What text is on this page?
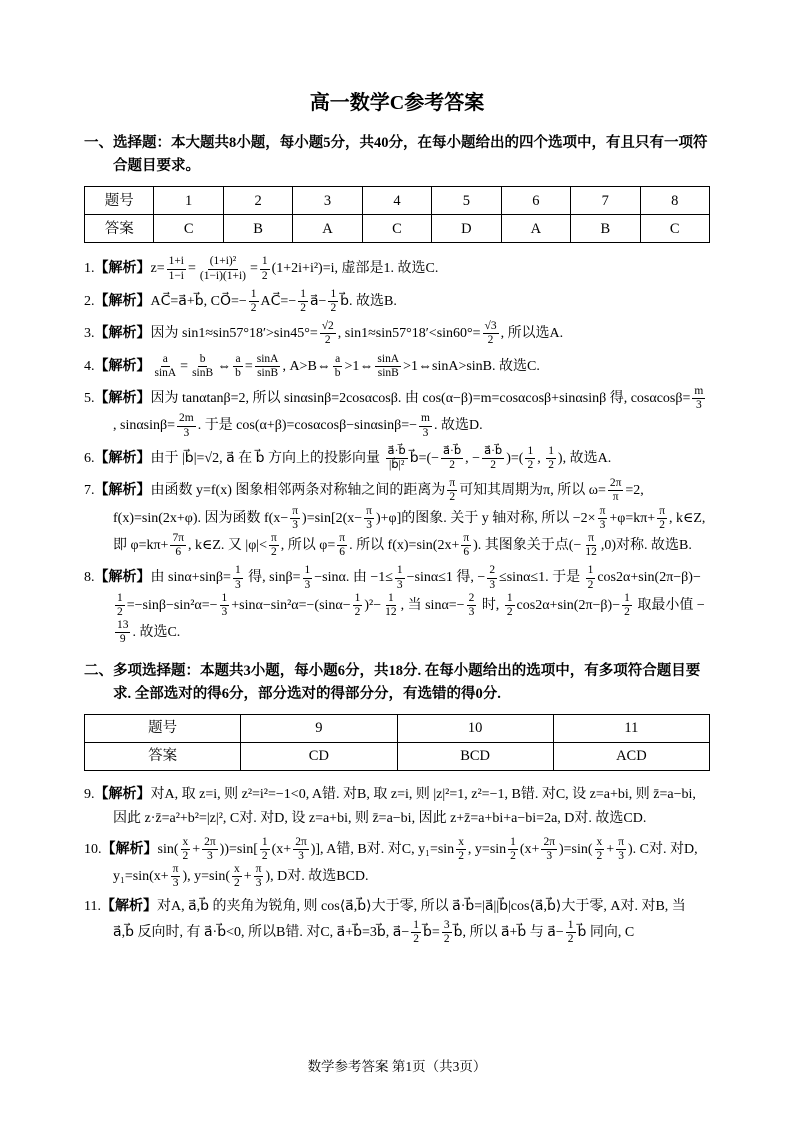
高一数学C参考答案
一、选择题：本大题共8小题，每小题5分，共40分，在每小题给出的四个选项中，有且只有一项符合题目要求。
题号	1	2	3	4	5	6	7	8
答案	C	B	A	C	D	A	B	C
1.【解析】$z= \frac{1+i}{1-i} = \frac{\text{(1+i)²}}{(1-i)(1+i)} = \frac{1}{2} (1+2i+i^2)=i$, 虚部是1. 故选C.
2.【解析】AC⃗=a⃗+b⃗, CO⃗=− $\frac{1}{2}$ AC⃗=− $\frac{1}{2}$ a⃗− $\frac{1}{2}$ b⃗. 故选B.
3.【解析】因为 $\sin 1\approx\sin 57^\circ 18'>\sin 45^\circ= \frac{√2}{2}$ , $\sin 1\approx\sin 57^\circ 18'<\sin 60^\circ= \frac{√3}{2}$ , 所以选A.
4.【解析】 $\frac{a}{\sin A} = \frac{b}{\sin B}$ ⇔ $\frac{a}{b} = \frac{\sin A}{\sin B}$ , A>B⇔ $\frac{a}{b}$ >1⇔ $\frac{\sin A}{\sin B}$ >1⇔sinA>sinB. 故选C.
5.【解析】因为 tanαtanβ=2, 所以 sinαsinβ=2cosαcosβ. 由 cos(α−β)=m=cosαcosβ+sinαsinβ 得, $\cos\alpha\cos\beta= \frac{m}{3}$
, $\sin\alpha\sin\beta= \frac{2m}{3}$ . 于是 $\cos(\alpha+\beta)=\cos\alpha\cos\beta-\sin\alpha\sin\beta=- \frac{m}{3}$ . 故选D.
6.【解析】由于 |b⃗|=√2, a⃗ 在 b⃗ 方向上的投影向量 $\frac{a⃗\cdot b⃗}{\text{|b⃗|²}}$ b⃗=(− $\frac{a⃗\cdot b⃗}{2}$ , − $\frac{a⃗\cdot b⃗}{2}$ )=( $\frac{1}{2}$ , $\frac{1}{2}$ ), 故选A.
7.【解析】由函数 y=f(x) 图象相邻两条对称轴之间的距离为 $\frac{\pi}{2}$ 可知其周期为π, 所以 $\omega= \frac{2\pi}{\pi} =2$, f(x)=sin(2x+φ). 因为函数 $f(x- \frac{\pi}{3} )=\sin[2(x- \frac{\pi}{3} )+\varphi]$的图象. 关于 y 轴对称, 所以 $-2\times \frac{\pi}{3} +\varphi=k\pi+ \frac{\pi}{2}$ , k∈Z, 即 $\varphi=k\pi+ \frac{7\pi}{6}$ , k∈Z. 又 $|\varphi|< \frac{\pi}{2}$ , 所以 $\varphi= \frac{\pi}{6}$ . 所以 $f(x)=\sin(2x+ \frac{\pi}{6}$ ). 其图象关于点(− $\frac{\pi}{12} ,0$)对称. 故选B.
8.【解析】由 $\sin\alpha+\sin\beta= \frac{1}{3}$ 得, $\sin\beta= \frac{1}{3} -\sin\alpha$. 由 $-1\le \frac{1}{3} -\sin\alpha\le 1$ 得, − $\frac{2}{3} \le\sin\alpha\le 1$. 于是 $\frac{1}{2} \cos 2\alpha+\sin(2\pi-\beta)-$
$\frac{1}{2} =-\sin\beta-\sin^2\alpha=- \frac{1}{3} +\sin\alpha-\sin^2\alpha=-(\sin\alpha- \frac{1}{2} )^2- \frac{1}{12}$ , 当 $\sin\alpha=- \frac{2}{3}$ 时, $\frac{1}{2} \cos 2\alpha+\sin(2\pi-\beta)- \frac{1}{2}$ 取最小值 −
$\frac{13}{9}$ . 故选C.
二、多项选择题：本题共3小题，每小题6分，共18分. 在每小题给出的选项中，有多项符合题目要求. 全部选对的得6分，部分选对的得部分分，有选错的得0分.
题号	9	10	11
答案	CD	BCD	ACD
9.【解析】对A, 取 z=i, 则 z²=i²=−1<0, A错. 对B, 取 z=i, 则 |z|²=1, z²=−1, B错. 对C, 设 z=a+bi, 则 z̄=a−bi, 因此 z·z̄=a²+b²=|z|², C对. 对D, 设 z=a+bi, 则 z̄=a−bi, 因此 z+z̄=a+bi+a−bi=2a, D对. 故选CD.
10.【解析】$\sin( \frac{x}{2} + \frac{2\pi}{3} ))=\sin[ \frac{1}{2} (x+ \frac{2\pi}{3}$ )], A错, B对. 对C, $y_1=\sin \frac{x}{2}$ , $y=\sin \frac{1}{2} (x+ \frac{2\pi}{3} )=\sin( \frac{x}{2} + \frac{\pi}{3}$ ). C对. 对D, $y_1=\sin(x+ \frac{\pi}{3}$ ), $y=\sin( \frac{x}{2} + \frac{\pi}{3}$ ), D对. 故选BCD.
11.【解析】对A, a⃗,b⃗ 的夹角为锐角, 则 cos⟨a⃗,b⃗⟩大于零, 所以 a⃗·b⃗=|a⃗||b⃗|cos⟨a⃗,b⃗⟩大于零, A对. 对B, 当 a⃗,b⃗ 反向时, 有 a⃗·b⃗<0, 所以B错. 对C, a⃗+b⃗=3b⃗, a⃗− $\frac{1}{2}$ b⃗= $\frac{3}{2}$ b⃗, 所以 a⃗+b⃗ 与 a⃗− $\frac{1}{2}$ b⃗ 同向, C
数学参考答案 第1页（共3页）
